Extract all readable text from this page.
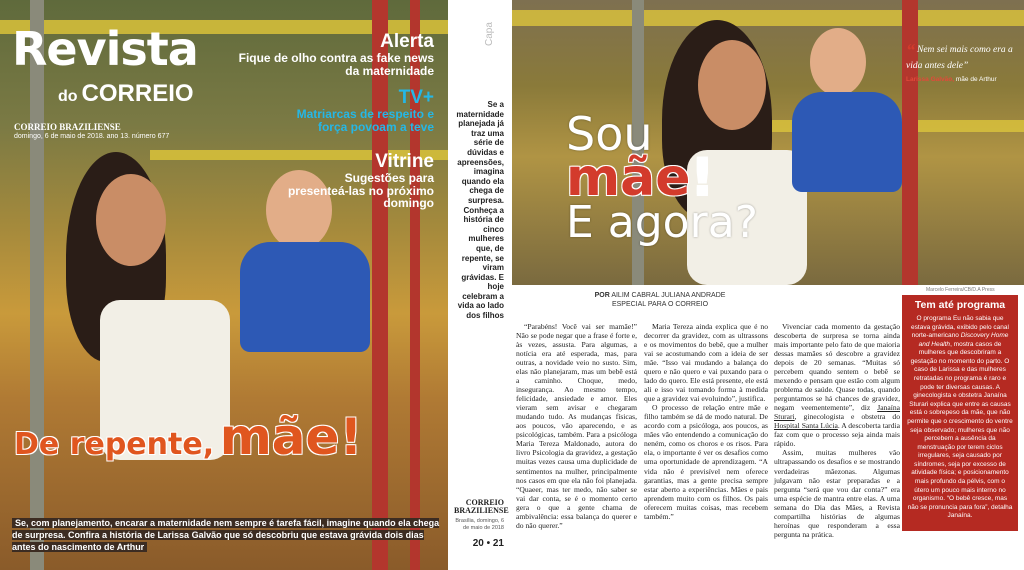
Revista
do CORREIO
CORREIO BRAZILIENSE
domingo, 6 de maio de 2018. ano 13. número 677
Alerta
Fique de olho contra as fake news da maternidade
TV+
Matriarcas de respeito e força povoam a teve
Vitrine
Sugestões para presenteá-las no próximo domingo
De repente, mãe!
Se, com planejamento, encarar a maternidade nem sempre é tarefa fácil, imagine quando ela chega de surpresa. Confira a história de Larissa Galvão que só descobriu que estava grávida dois dias antes do nascimento de Arthur
Capa
Se a maternidade planejada já traz uma série de dúvidas e apreensões, imagina quando ela chega de surpresa. Conheça a história de cinco mulheres que, de repente, se viram grávidas. E hoje celebram a vida ao lado dos filhos
CORREIO BRAZILIENSE
Brasília, domingo, 6 de maio de 2018
20 • 21
Sou
mãe!
E agora?
“ Nem sei mais como era a vida antes dele”
Larissa Galvão, mãe de Arthur
Marcelo Ferreira/CB/D.A Press
POR AILIM CABRAL JULIANA ANDRADE
ESPECIAL PARA O CORREIO

“Parabéns! Você vai ser mamãe!” Não se pode negar que a frase é forte e, às vezes, assusta. Para algumas, a notícia era até esperada, mas, para outras, a novidade veio no susto. Sim, elas não planejaram, mas um bebê está a caminho. Choque, medo, insegurança. Ao mesmo tempo, felicidade, ansiedade e amor. Eles vieram sem avisar e chegaram mudando tudo. As mudanças físicas, aos poucos, vão aparecendo, e as psicológicas, também. Para a psicóloga Maria Tereza Maldonado, autora do livro Psicologia da gravidez, a gestação muitas vezes causa uma duplicidade de sentimentos na mulher, principalmente nos casos em que ela não foi planejada. “Quaeer, mas ter medo, não saber se vai dar conta, se é o momento certo gera o que a gente chama de ambivalência: essa balança do querer e do não querer.”

Maria Tereza ainda explica que é no decorrer da gravidez, com as ultrassons e os movimentos do bebê, que a mulher vai se acostumando com a ideia de ser mãe. “Isso vai mudando a balança do quero e não quero e vai puxando para o lado do quero. Ele está presente, ele está ali e isso vai tomando forma à medida que a gravidez vai evoluindo”, justifica.

O processo de relação entre mãe e filho também se dá de modo natural. De acordo com a psicóloga, aos poucos, as mães vão entendendo a comunicação do neném, como os choros e os risos. Para ela, o importante é ver os desafios como uma oportunidade de aprendizagem. “A vida não é previsível nem oferece garantias, mas a gente precisa sempre estar aberto a experiências. Mães e pais aprendem muito com os filhos. Os pais oferecem muitas coisas, mas recebem também.”

Vivenciar cada momento da gestação descoberta de surpresa se torna ainda mais importante pelo fato de que maioria dessas mamães só descobre a gravidez depois de 20 semanas. “Muitas só percebem quando sentem o bebê se mexendo e pensam que estão com algum problema de saúde. Quase todas, quando perguntamos se há chances de gravidez, negam veementemente”, diz Janaína Sturari, ginecologista e obstetra do Hospital Santa Lúcia. A descoberta tardia faz com que o processo seja ainda mais rápido.

Assim, muitas mulheres vão ultrapassando os desafios e se mostrando verdadeiras mãezonas. Algumas julgavam não estar preparadas e a pergunta “será que vou dar conta?” era uma espécie de mantra entre elas. A uma semana do Dia das Mães, a Revista compartilha histórias de algumas heroínas que responderam a essa pergunta na prática.

Tem até programa

O programa Eu não sabia que estava grávida, exibido pelo canal norte-americano Discovery Home and Health, mostra casos de mulheres que descobriram a gestação no momento do parto. O caso de Larissa e das mulheres retratadas no programa é raro e pode ter diversas causas. A ginecologista e obstetra Janaína Sturari explica que entre as causas está o sobrepeso da mãe, que não permite que o crescimento do ventre seja observado; mulheres que não percebem a ausência da menstruação por terem ciclos irregulares, seja causado por síndromes, seja por excesso de atividade física; e posicionamento mais profundo da pélvis, com o útero um pouco mais interno no organismo. “O bebê cresce, mas não se pronuncia para fora”, detalha Janaína.
